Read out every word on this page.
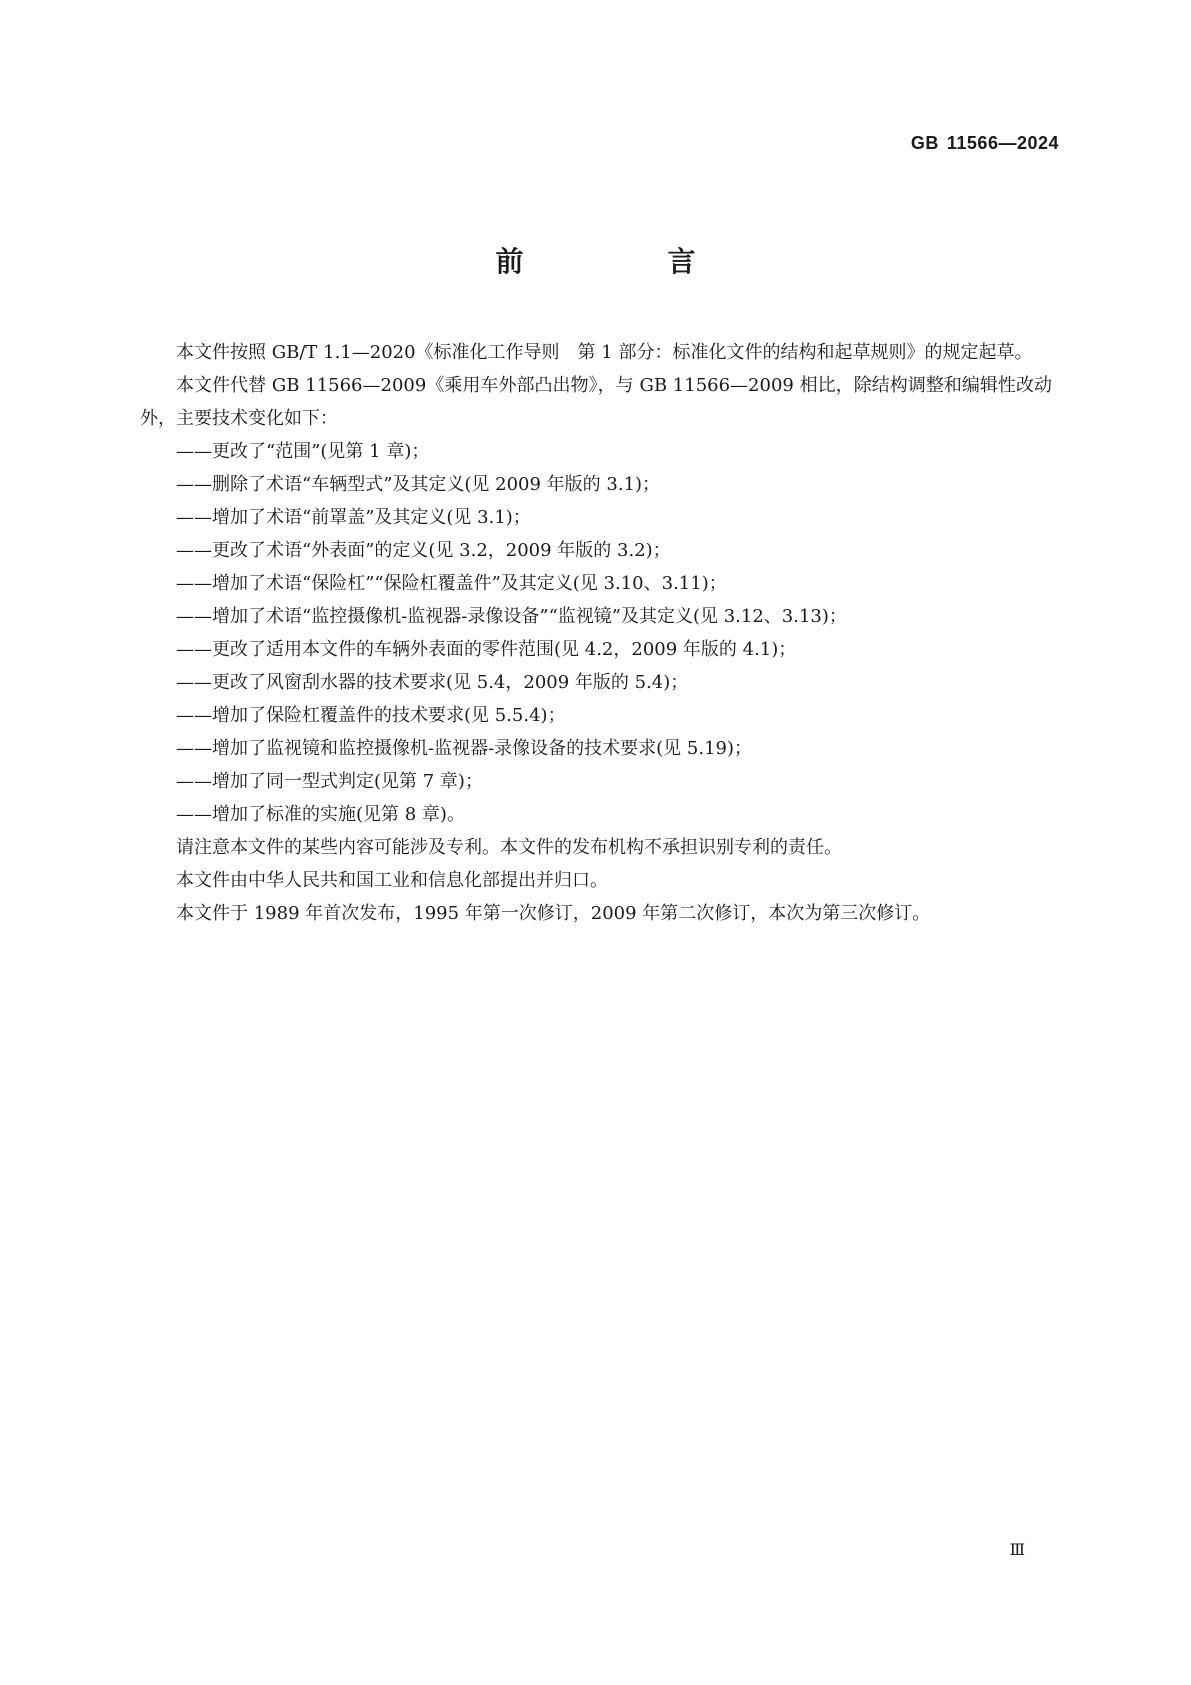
GB 11566—2024
前　言

本文件按照 GB/T 1.1—2020《标准化工作导则　第 1 部分：标准化文件的结构和起草规则》的规定起草。

本文件代替 GB 11566—2009《乘用车外部凸出物》，与 GB 11566—2009 相比，除结构调整和编辑性改动外，主要技术变化如下：

——更改了“范围”(见第 1 章)；
——删除了术语“车辆型式”及其定义(见 2009 年版的 3.1)；
——增加了术语“前罩盖”及其定义(见 3.1)；
——更改了术语“外表面”的定义(见 3.2，2009 年版的 3.2)；
——增加了术语“保险杠”“保险杠覆盖件”及其定义(见 3.10、3.11)；
——增加了术语“监控摄像机-监视器-录像设备”“监视镜”及其定义(见 3.12、3.13)；
——更改了适用本文件的车辆外表面的零件范围(见 4.2，2009 年版的 4.1)；
——更改了风窗刮水器的技术要求(见 5.4，2009 年版的 5.4)；
——增加了保险杠覆盖件的技术要求(见 5.5.4)；
——增加了监视镜和监控摄像机-监视器-录像设备的技术要求(见 5.19)；
——增加了同一型式判定(见第 7 章)；
——增加了标准的实施(见第 8 章)。

请注意本文件的某些内容可能涉及专利。本文件的发布机构不承担识别专利的责任。

本文件由中华人民共和国工业和信息化部提出并归口。

本文件于 1989 年首次发布，1995 年第一次修订，2009 年第二次修订，本次为第三次修订。

Ⅲ
